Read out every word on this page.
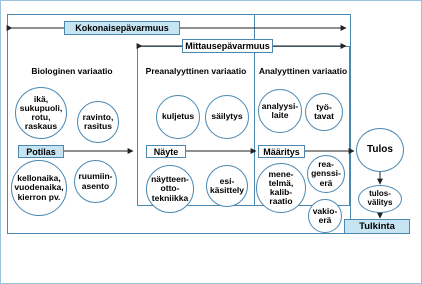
Kokonaisepävarmuus
Mittausepävarmuus
Biologinen variaatio	Preanalyyttinen variaatio	Analyyttinen variaatio
ikä,
sukupuoli,
rotu,
raskaus
ravinto,
rasitus
kellonaika,
vuodenaika,
kierron pv.
ruumiin-
asento
kuljetus	säilytys
näytteen-
otto-
tekniikka
esi-
käsittely
analyysi-
laite
työ-
tavat
rea-
genssi-
erä
mene-
telmä,
kalib-
raatio
vakio-
erä
Potilas	Näyte	Määritys	Tulos
tulos-
välitys
Tulkinta
